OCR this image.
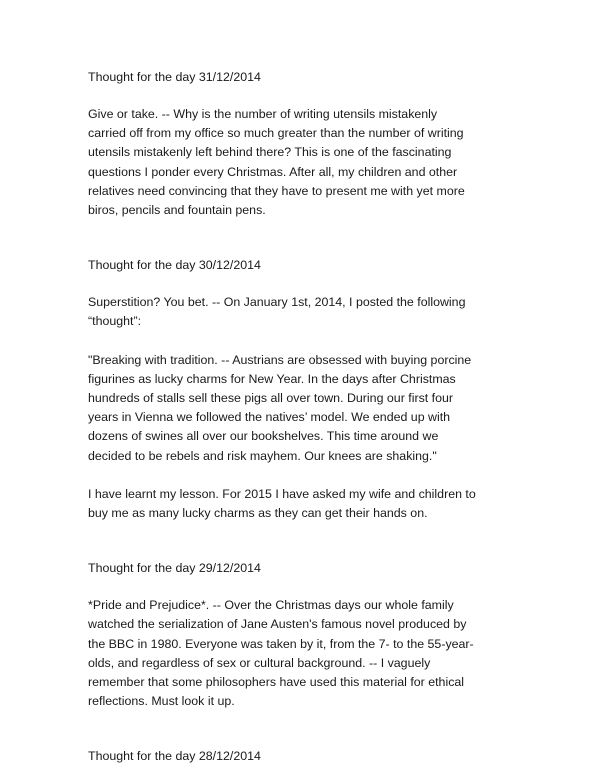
Thought for the day 31/12/2014
Give or take. -- Why is the number of writing utensils mistakenly
carried off from my office so much greater than the number of writing
utensils mistakenly left behind there? This is one of the fascinating
questions I ponder every Christmas. After all, my children and other
relatives need convincing that they have to present me with yet more
biros, pencils and fountain pens.
Thought for the day 30/12/2014
Superstition? You bet. -- On January 1st, 2014, I posted the following
“thought”:
"Breaking with tradition. -- Austrians are obsessed with buying porcine
figurines as lucky charms for New Year. In the days after Christmas
hundreds of stalls sell these pigs all over town. During our first four
years in Vienna we followed the natives’ model. We ended up with
dozens of swines all over our bookshelves. This time around we
decided to be rebels and risk mayhem. Our knees are shaking."
I have learnt my lesson. For 2015 I have asked my wife and children to
buy me as many lucky charms as they can get their hands on.
Thought for the day 29/12/2014
*Pride and Prejudice*. -- Over the Christmas days our whole family
watched the serialization of Jane Austen's famous novel produced by
the BBC in 1980. Everyone was taken by it, from the 7- to the 55-year-
olds, and regardless of sex or cultural background. -- I vaguely
remember that some philosophers have used this material for ethical
reflections. Must look it up.
Thought for the day 28/12/2014
